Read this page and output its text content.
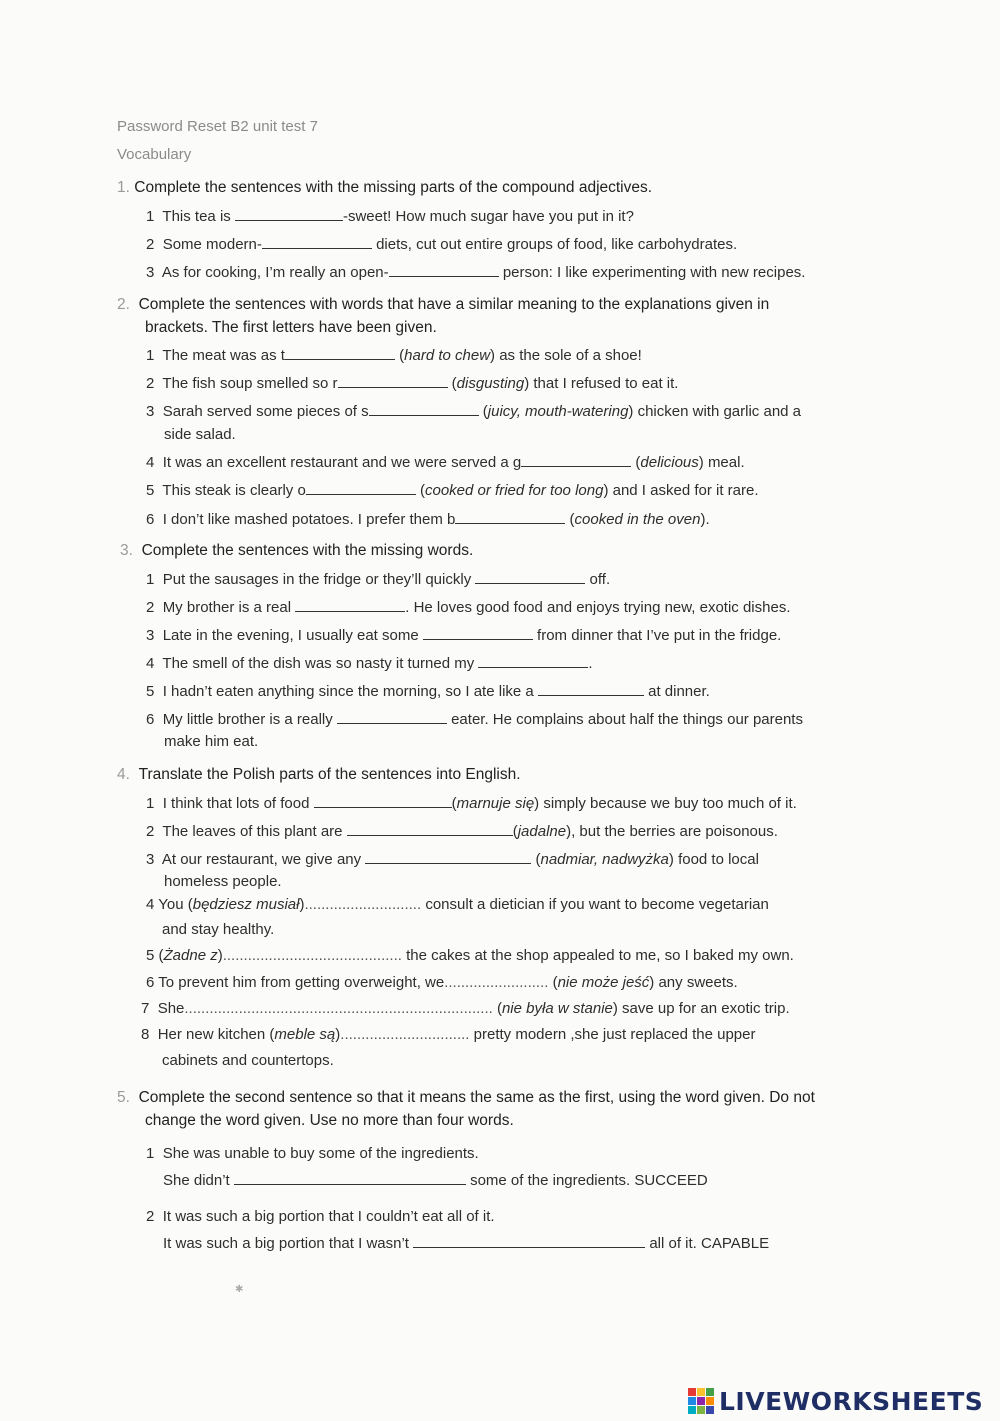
Password Reset B2 unit test 7
Vocabulary
1. Complete the sentences with the missing parts of the compound adjectives.
1 This tea is	-sweet! How much sugar have you put in it?
2 Some modern-	diets, cut out entire groups of food, like carbohydrates.
3 As for cooking, I’m really an open-	person: I like experimenting with new recipes.
2. Complete the sentences with words that have a similar meaning to the explanations given in
brackets. The first letters have been given.
1 The meat was as t	(hard to chew) as the sole of a shoe!
2 The fish soup smelled so r	(disgusting) that I refused to eat it.
3 Sarah served some pieces of s	(juicy, mouth-watering) chicken with garlic and a
side salad.
4 It was an excellent restaurant and we were served a g	(delicious) meal.
5 This steak is clearly o	(cooked or fried for too long) and I asked for it rare.
6 I don’t like mashed potatoes. I prefer them b	(cooked in the oven).
3. Complete the sentences with the missing words.
1 Put the sausages in the fridge or they’ll quickly	off.
2 My brother is a real	. He loves good food and enjoys trying new, exotic dishes.
3 Late in the evening, I usually eat some	from dinner that I’ve put in the fridge.
4 The smell of the dish was so nasty it turned my	.
5 I hadn’t eaten anything since the morning, so I ate like a	at dinner.
6 My little brother is a really	eater. He complains about half the things our parents
make him eat.
4. Translate the Polish parts of the sentences into English.
1 I think that lots of food	(marnuje się) simply because we buy too much of it.
2 The leaves of this plant are	(jadalne), but the berries are poisonous.
3 At our restaurant, we give any	(nadmiar, nadwyżka) food to local
homeless people.
4 You (będziesz musiał)............................ consult a dietician if you want to become vegetarian
and stay healthy.
5 (Żadne z)........................................... the cakes at the shop appealed to me, so I baked my own.
6 To prevent him from getting overweight, we......................... (nie może jeść) any sweets.
7 She.......................................................................... (nie była w stanie) save up for an exotic trip.
8 Her new kitchen (meble są)............................... pretty modern ,she just replaced the upper
cabinets and countertops.
5. Complete the second sentence so that it means the same as the first, using the word given. Do not
change the word given. Use no more than four words.
1 She was unable to buy some of the ingredients.
She didn’t	some of the ingredients. SUCCEED
2 It was such a big portion that I couldn’t eat all of it.
It was such a big portion that I wasn’t	all of it. CAPABLE
✱
LIVEWORKSHEETS
